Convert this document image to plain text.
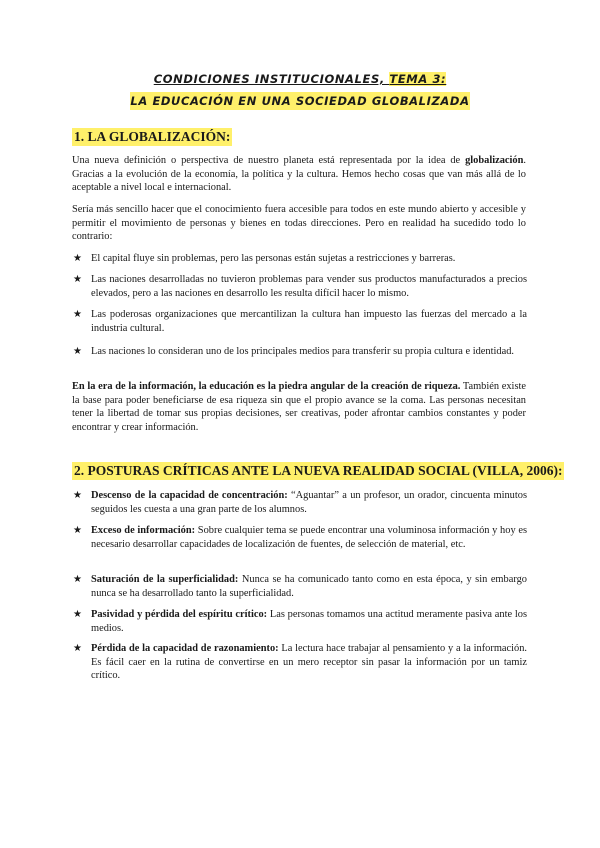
CONDICIONES INSTITUCIONALES, TEMA 3:
LA EDUCACIÓN EN UNA SOCIEDAD GLOBALIZADA
1. LA GLOBALIZACIÓN:

Una nueva definición o perspectiva de nuestro planeta está representada por la idea de globalización. Gracias a la evolución de la economía, la política y la cultura. Hemos hecho cosas que van más allá de lo aceptable a nivel local e internacional.

Sería más sencillo hacer que el conocimiento fuera accesible para todos en este mundo abierto y accesible y permitir el movimiento de personas y bienes en todas direcciones. Pero en realidad ha sucedido todo lo contrario:

★ El capital fluye sin problemas, pero las personas están sujetas a restricciones y barreras.
★ Las naciones desarrolladas no tuvieron problemas para vender sus productos manufacturados a precios elevados, pero a las naciones en desarrollo les resulta difícil hacer lo mismo.
★ Las poderosas organizaciones que mercantilizan la cultura han impuesto las fuerzas del mercado a la industria cultural.
★ Las naciones lo consideran uno de los principales medios para transferir su propia cultura e identidad.

En la era de la información, la educación es la piedra angular de la creación de riqueza. También existe la base para poder beneficiarse de esa riqueza sin que el propio avance se la coma. Las personas necesitan tener la libertad de tomar sus propias decisiones, ser creativas, poder afrontar cambios constantes y poder encontrar y crear información.

2. POSTURAS CRÍTICAS ANTE LA NUEVA REALIDAD SOCIAL (VILLA, 2006):
★ Descenso de la capacidad de concentración: “Aguantar” a un profesor, un orador, cincuenta minutos seguidos les cuesta a una gran parte de los alumnos.
★ Exceso de información: Sobre cualquier tema se puede encontrar una voluminosa información y hoy es necesario desarrollar capacidades de localización de fuentes, de selección de material, etc.
★ Saturación de la superficialidad: Nunca se ha comunicado tanto como en esta época, y sin embargo nunca se ha desarrollado tanto la superficialidad.
★ Pasividad y pérdida del espíritu crítico: Las personas tomamos una actitud meramente pasiva ante los medios.
★ Pérdida de la capacidad de razonamiento: La lectura hace trabajar al pensamiento y a la información. Es fácil caer en la rutina de convertirse en un mero receptor sin pasar la información por un tamiz crítico.
